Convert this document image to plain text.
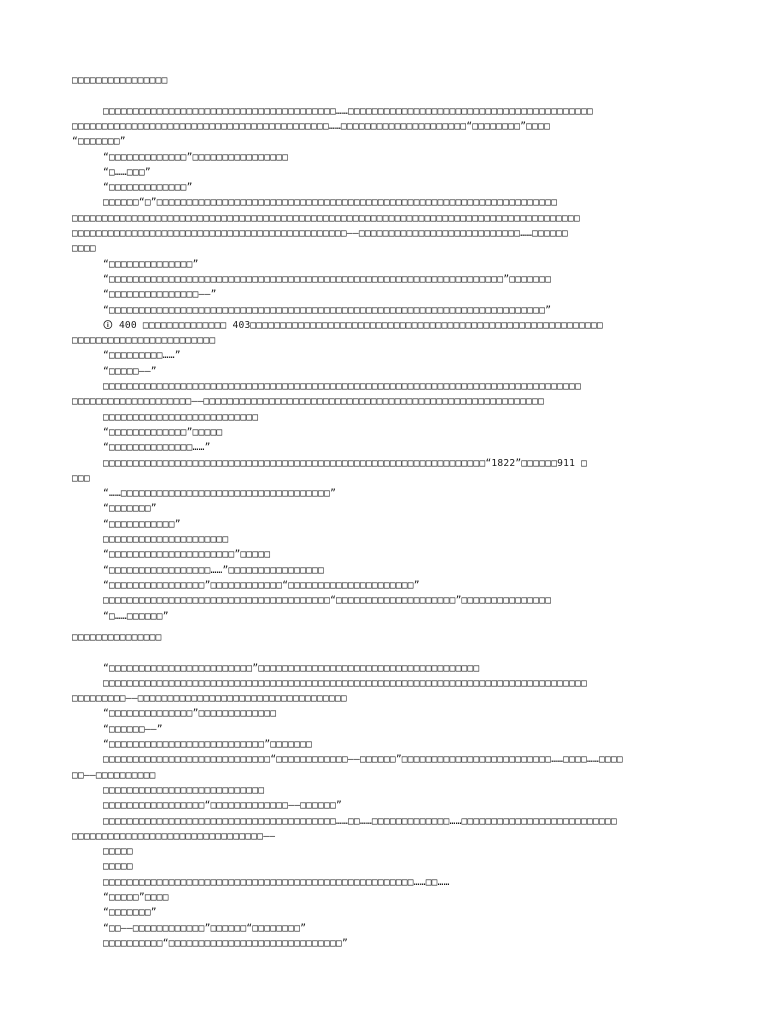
□□□□□□□□□□□□□□□□
□□□□□□□□□□□□□□□□□□□□□□□□□□□□□□□□□□□□□□□……□□□□□□□□□□□□□□□□□□□□□□□□□□□□□□□□□□□□□□□□□
□□□□□□□□□□□□□□□□□□□□□□□□□□□□□□□□□□□□□□□□□□□……□□□□□□□□□□□□□□□□□□□□□“□□□□□□□□”□□□□
“□□□□□□□”
“□□□□□□□□□□□□□”□□□□□□□□□□□□□□□□
“□……□□□”
“□□□□□□□□□□□□□”
□□□□□□“□”□□□□□□□□□□□□□□□□□□□□□□□□□□□□□□□□□□□□□□□□□□□□□□□□□□□□□□□□□□□□□□□□□□□
□□□□□□□□□□□□□□□□□□□□□□□□□□□□□□□□□□□□□□□□□□□□□□□□□□□□□□□□□□□□□□□□□□□□□□□□□□□□□□□□□□□□□
□□□□□□□□□□□□□□□□□□□□□□□□□□□□□□□□□□□□□□□□□□□□□□——□□□□□□□□□□□□□□□□□□□□□□□□□□□……□□□□□□
□□□□
“□□□□□□□□□□□□□□”
“□□□□□□□□□□□□□□□□□□□□□□□□□□□□□□□□□□□□□□□□□□□□□□□□□□□□□□□□□□□□□□□□□□”□□□□□□□
“□□□□□□□□□□□□□□□——”
“□□□□□□□□□□□□□□□□□□□□□□□□□□□□□□□□□□□□□□□□□□□□□□□□□□□□□□□□□□□□□□□□□□□□□□□□□”
🛈 400 □□□□□□□□□□□□□□ 403□□□□□□□□□□□□□□□□□□□□□□□□□□□□□□□□□□□□□□□□□□□□□□□□□□□□□□□□□□□
□□□□□□□□□□□□□□□□□□□□□□□□
“□□□□□□□□□……”
“□□□□□——”
□□□□□□□□□□□□□□□□□□□□□□□□□□□□□□□□□□□□□□□□□□□□□□□□□□□□□□□□□□□□□□□□□□□□□□□□□□□□□□□□
□□□□□□□□□□□□□□□□□□□□——□□□□□□□□□□□□□□□□□□□□□□□□□□□□□□□□□□□□□□□□□□□□□□□□□□□□□□□□□
□□□□□□□□□□□□□□□□□□□□□□□□□□
“□□□□□□□□□□□□□”□□□□□
“□□□□□□□□□□□□□□……”
□□□□□□□□□□□□□□□□□□□□□□□□□□□□□□□□□□□□□□□□□□□□□□□□□□□□□□□□□□□□□□□□“1822”□□□□□□911 □
□□□
“……□□□□□□□□□□□□□□□□□□□□□□□□□□□□□□□□□□□”
“□□□□□□□”
“□□□□□□□□□□□”
□□□□□□□□□□□□□□□□□□□□□
“□□□□□□□□□□□□□□□□□□□□□”□□□□□
“□□□□□□□□□□□□□□□□□……”□□□□□□□□□□□□□□□□
“□□□□□□□□□□□□□□□□”□□□□□□□□□□□□“□□□□□□□□□□□□□□□□□□□□□”
□□□□□□□□□□□□□□□□□□□□□□□□□□□□□□□□□□□□□□“□□□□□□□□□□□□□□□□□□□□”□□□□□□□□□□□□□□□
“□……□□□□□□”
□□□□□□□□□□□□□□□
“□□□□□□□□□□□□□□□□□□□□□□□□”□□□□□□□□□□□□□□□□□□□□□□□□□□□□□□□□□□□□□
□□□□□□□□□□□□□□□□□□□□□□□□□□□□□□□□□□□□□□□□□□□□□□□□□□□□□□□□□□□□□□□□□□□□□□□□□□□□□□□□□
□□□□□□□□□——□□□□□□□□□□□□□□□□□□□□□□□□□□□□□□□□□□□
“□□□□□□□□□□□□□□”□□□□□□□□□□□□□
“□□□□□□——”
“□□□□□□□□□□□□□□□□□□□□□□□□□□”□□□□□□□
□□□□□□□□□□□□□□□□□□□□□□□□□□□□“□□□□□□□□□□□□——□□□□□□”□□□□□□□□□□□□□□□□□□□□□□□□□……□□□□……□□□□
□□——□□□□□□□□□□
□□□□□□□□□□□□□□□□□□□□□□□□□□□
□□□□□□□□□□□□□□□□□“□□□□□□□□□□□□□——□□□□□□”
□□□□□□□□□□□□□□□□□□□□□□□□□□□□□□□□□□□□□□□……□□……□□□□□□□□□□□□□……□□□□□□□□□□□□□□□□□□□□□□□□□□
□□□□□□□□□□□□□□□□□□□□□□□□□□□□□□□□——
□□□□□
□□□□□
□□□□□□□□□□□□□□□□□□□□□□□□□□□□□□□□□□□□□□□□□□□□□□□□□□□□……□□……
“□□□□□”□□□□
“□□□□□□□”
“□□——□□□□□□□□□□□□”□□□□□□“□□□□□□□□”
□□□□□□□□□□“□□□□□□□□□□□□□□□□□□□□□□□□□□□□□”
